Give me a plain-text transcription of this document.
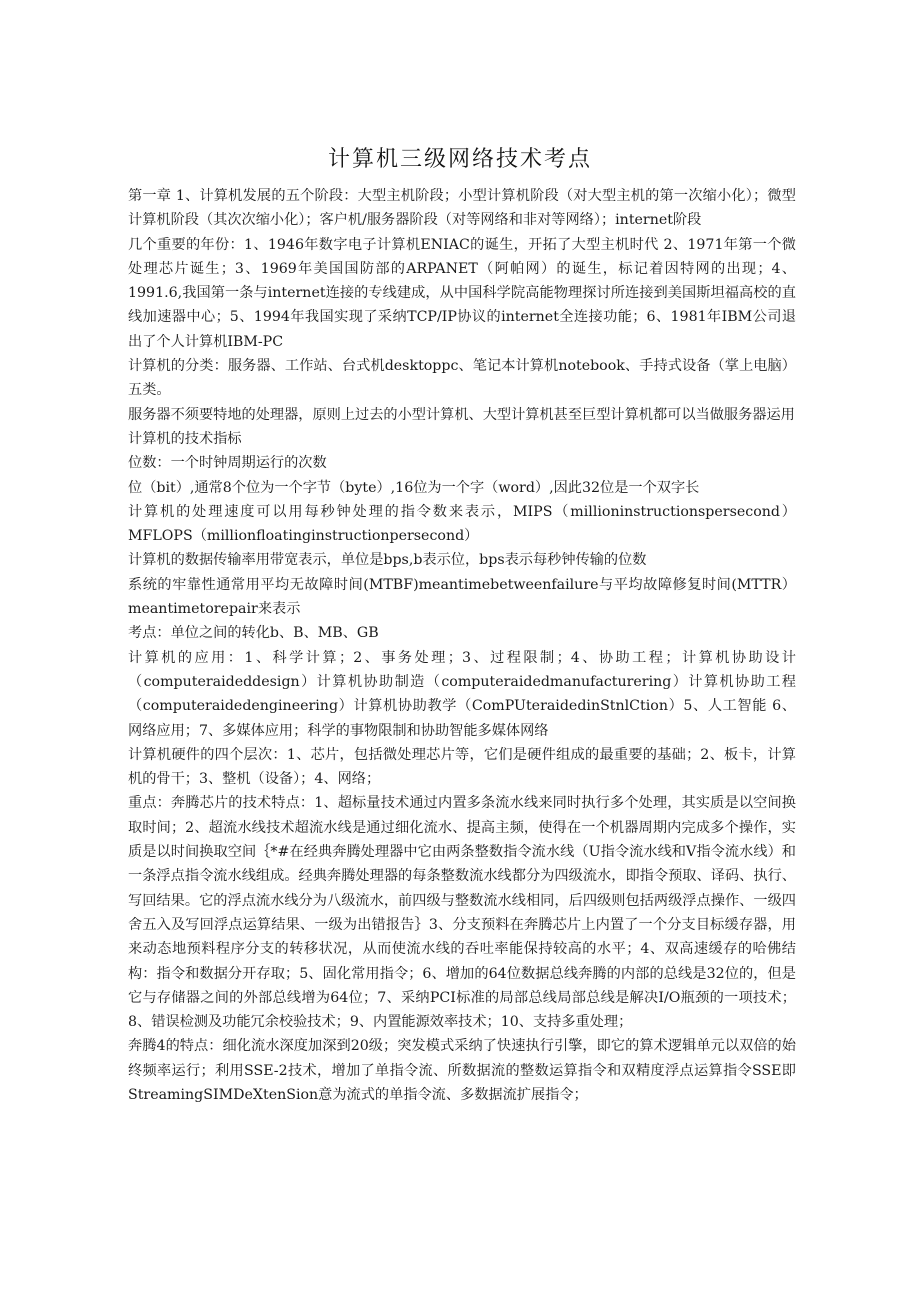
计算机三级网络技术考点

第一章 1、计算机发展的五个阶段：大型主机阶段；小型计算机阶段（对大型主机的第一次缩小化）；微型计算机阶段（其次次缩小化）；客户机/服务器阶段（对等网络和非对等网络）；internet阶段

几个重要的年份：1、1946年数字电子计算机ENIAC的诞生，开拓了大型主机时代 2、1971年第一个微处理芯片诞生；3、1969年美国国防部的ARPANET（阿帕网）的诞生，标记着因特网的出现；4、1991.6,我国第一条与internet连接的专线建成，从中国科学院高能物理探讨所连接到美国斯坦福高校的直线加速器中心；5、1994年我国实现了采纳TCP/IP协议的internet全连接功能；6、1981年IBM公司退出了个人计算机IBM-PC

计算机的分类：服务器、工作站、台式机desktoppc、笔记本计算机notebook、手持式设备（掌上电脑）五类。

服务器不须要特地的处理器，原则上过去的小型计算机、大型计算机甚至巨型计算机都可以当做服务器运用

计算机的技术指标

位数：一个时钟周期运行的次数

位（bit）,通常8个位为一个字节（byte）,16位为一个字（word）,因此32位是一个双字长

计算机的处理速度可以用每秒钟处理的指令数来表示，MIPS（millioninstructionspersecond）MFLOPS（millionfloatinginstructionpersecond）

计算机的数据传输率用带宽表示，单位是bps,b表示位，bps表示每秒钟传输的位数

系统的牢靠性通常用平均无故障时间(MTBF)meantimebetweenfailure与平均故障修复时间(MTTR）meantimetorepair来表示

考点：单位之间的转化b、B、MB、GB

计算机的应用：1、科学计算；2、事务处理；3、过程限制；4、协助工程；计算机协助设计（computeraideddesign）计算机协助制造（computeraidedmanufacturering）计算机协助工程（computeraidedengineering）计算机协助教学（ComPUteraidedinStnlCtion）5、人工智能 6、网络应用；7、多媒体应用；科学的事物限制和协助智能多媒体网络

计算机硬件的四个层次：1、芯片，包括微处理芯片等，它们是硬件组成的最重要的基础；2、板卡，计算机的骨干；3、整机（设备）；4、网络；

重点：奔腾芯片的技术特点：1、超标量技术通过内置多条流水线来同时执行多个处理，其实质是以空间换取时间；2、超流水线技术超流水线是通过细化流水、提高主频，使得在一个机器周期内完成多个操作，实质是以时间换取空间｛*#在经典奔腾处理器中它由两条整数指令流水线（U指令流水线和V指令流水线）和一条浮点指令流水线组成。经典奔腾处理器的每条整数流水线都分为四级流水，即指令预取、译码、执行、写回结果。它的浮点流水线分为八级流水，前四级与整数流水线相同，后四级则包括两级浮点操作、一级四舍五入及写回浮点运算结果、一级为出错报告｝3、分支预料在奔腾芯片上内置了一个分支目标缓存器，用来动态地预料程序分支的转移状况，从而使流水线的吞吐率能保持较高的水平；4、双高速缓存的哈佛结构：指令和数据分开存取；5、固化常用指令；6、增加的64位数据总线奔腾的内部的总线是32位的，但是它与存储器之间的外部总线增为64位；7、采纳PCI标准的局部总线局部总线是解决I/O瓶颈的一项技术；8、错误检测及功能冗余校验技术；9、内置能源效率技术；10、支持多重处理；

奔腾4的特点：细化流水深度加深到20级；突发模式采纳了快速执行引擎，即它的算术逻辑单元以双倍的始终频率运行；利用SSE-2技术，增加了单指令流、所数据流的整数运算指令和双精度浮点运算指令SSE即StreamingSIMDeXtenSion意为流式的单指令流、多数据流扩展指令；
